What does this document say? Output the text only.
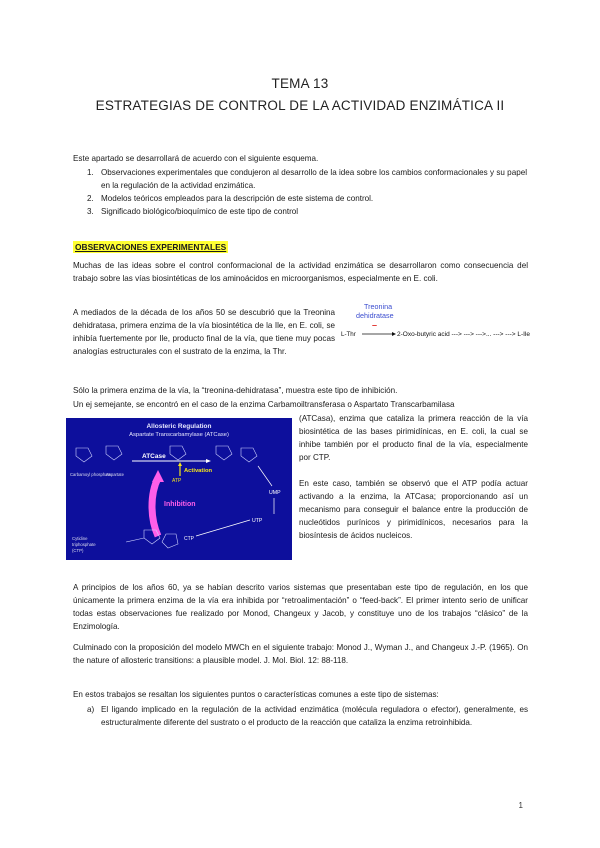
TEMA 13
ESTRATEGIAS DE CONTROL DE LA ACTIVIDAD ENZIMÁTICA II
Este apartado se desarrollará de acuerdo con el siguiente esquema.
1. Observaciones experimentales que condujeron al desarrollo de la idea sobre los cambios conformacionales y su papel en la regulación de la actividad enzimática.
2. Modelos teóricos empleados para la descripción de este sistema de control.
3. Significado biológico/bioquímico de este tipo de control
OBSERVACIONES EXPERIMENTALES
Muchas de las ideas sobre el control conformacional de la actividad enzimática se desarrollaron como consecuencia del trabajo sobre las vías biosintéticas de los aminoácidos en microorganismos, especialmente en E. coli.
A mediados de la década de los años 50 se descubrió que la Treonina dehidratasa, primera enzima de la vía biosintética de la Ile, en E. coli, se inhibía fuertemente por Ile, producto final de la vía, que tiene muy pocas analogías estructurales con el sustrato de la enzima, la Thr.
Treonina
dehidratase
–
L-Thr	2-Oxo-butyric acid ---> ---> --->... ---> ---> L-Ile
Sólo la primera enzima de la vía, la “treonina-dehidratasa”, muestra este tipo de inhibición.
Un ej semejante, se encontró en el caso de la enzima Carbamoiltransferasa o Aspartato Transcarbamilasa
Allosteric Regulation
Aspartate Transcarbamylase (ATCase)
Carbamoyl phosphate
Aspartate
ATCase
Activation
ATP
UMP
UTP
Inhibition
CTP
Cytidine
triphosphate
(CTP)
(ATCasa), enzima que cataliza la primera reacción de la vía biosintética de las bases pirimidínicas, en E. coli, la cual se inhibe también por el producto final de la vía, especialmente por CTP.
En este caso, también se observó que el ATP podía actuar activando a la enzima, la ATCasa; proporcionando así un mecanismo para conseguir el balance entre la producción de nucleótidos purínicos y pirimidínicos, necesarios para la biosíntesis de ácidos nucleicos.
A principios de los años 60, ya se habían descrito varios sistemas que presentaban este tipo de regulación, en los que únicamente la primera enzima de la vía era inhibida por “retroalimentación” o “feed-back”. El primer intento serio de unificar todas estas observaciones fue realizado por Monod, Changeux y Jacob, y constituye uno de los trabajos “clásico” de la Enzimología.
Culminado con la proposición del modelo MWCh en el siguiente trabajo: Monod J., Wyman J., and Changeux J.-P. (1965). On the nature of allosteric transitions: a plausible model. J. Mol. Biol. 12: 88-118.
En estos trabajos se resaltan los siguientes puntos o características comunes a este tipo de sistemas:
a) El ligando implicado en la regulación de la actividad enzimática (molécula reguladora o efector), generalmente, es estructuralmente diferente del sustrato o el producto de la reacción que cataliza la enzima retroinhibida.
1
